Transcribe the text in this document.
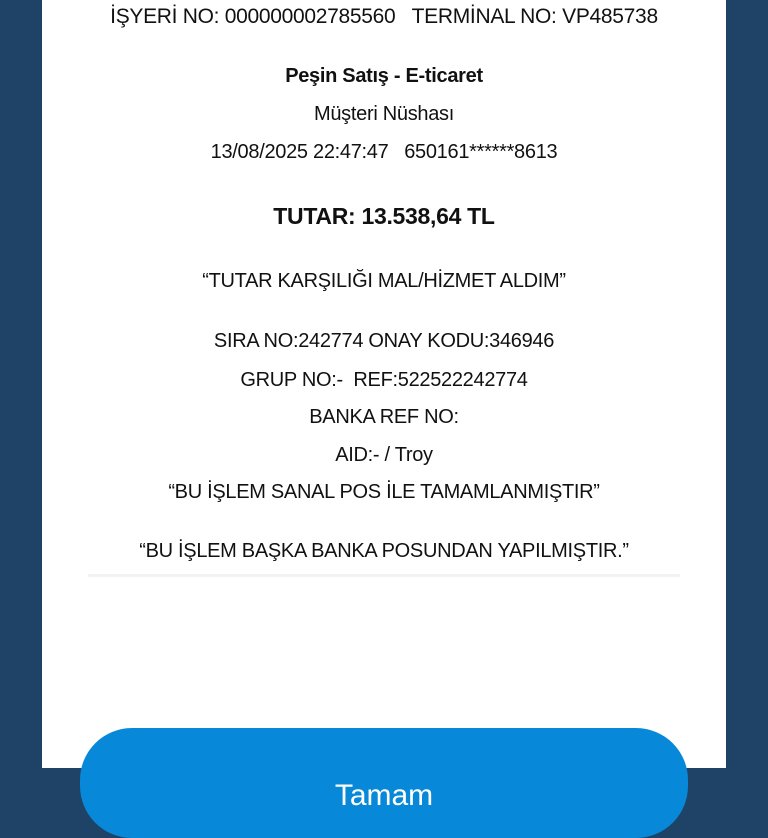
İŞYERİ NO: 000000002785560   TERMİNAL NO: VP485738
Peşin Satış - E-ticaret
Müşteri Nüshası
13/08/2025 22:47:47   650161******8613
TUTAR: 13.538,64 TL
“TUTAR KARŞILIĞI MAL/HİZMET ALDIM”
SIRA NO:242774 ONAY KODU:346946
GRUP NO:-  REF:522522242774
BANKA REF NO:
AID:- / Troy
“BU İŞLEM SANAL POS İLE TAMAMLANMIŞTIR”
“BU İŞLEM BAŞKA BANKA POSUNDAN YAPILMIŞTIR.”
Tamam
